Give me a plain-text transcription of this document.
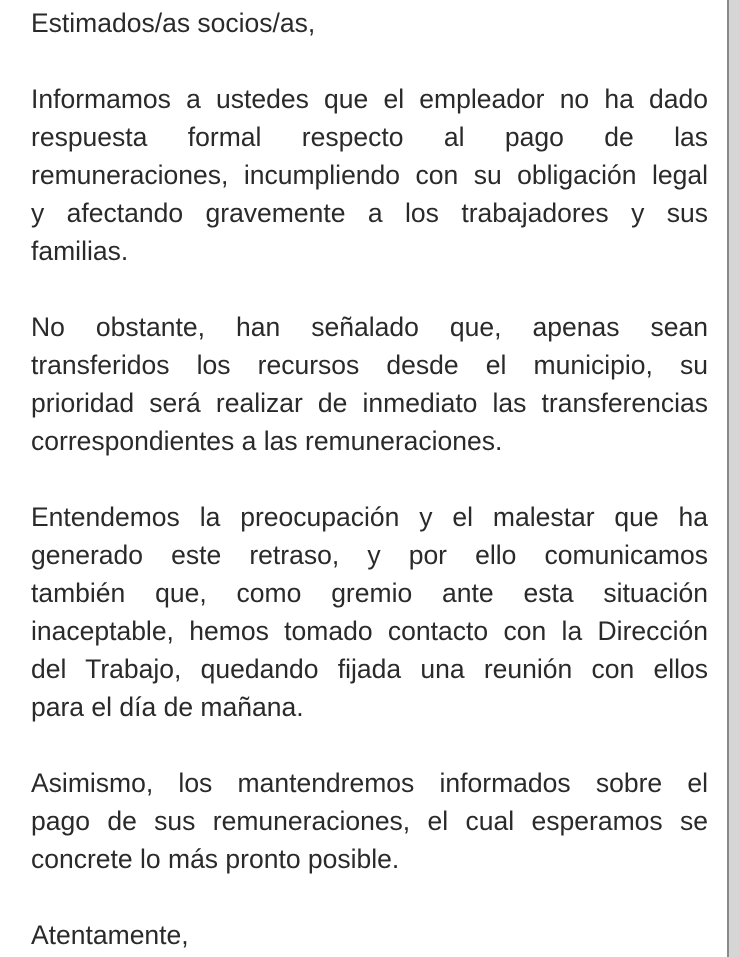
Estimados/as socios/as,
Informamos a ustedes que el empleador no ha dado
respuesta formal respecto al pago de las
remuneraciones, incumpliendo con su obligación legal
y afectando gravemente a los trabajadores y sus
familias.
No obstante, han señalado que, apenas sean
transferidos los recursos desde el municipio, su
prioridad será realizar de inmediato las transferencias
correspondientes a las remuneraciones.
Entendemos la preocupación y el malestar que ha
generado este retraso, y por ello comunicamos
también que, como gremio ante esta situación
inaceptable, hemos tomado contacto con la Dirección
del Trabajo, quedando fijada una reunión con ellos
para el día de mañana.
Asimismo, los mantendremos informados sobre el
pago de sus remuneraciones, el cual esperamos se
concrete lo más pronto posible.
Atentamente,
